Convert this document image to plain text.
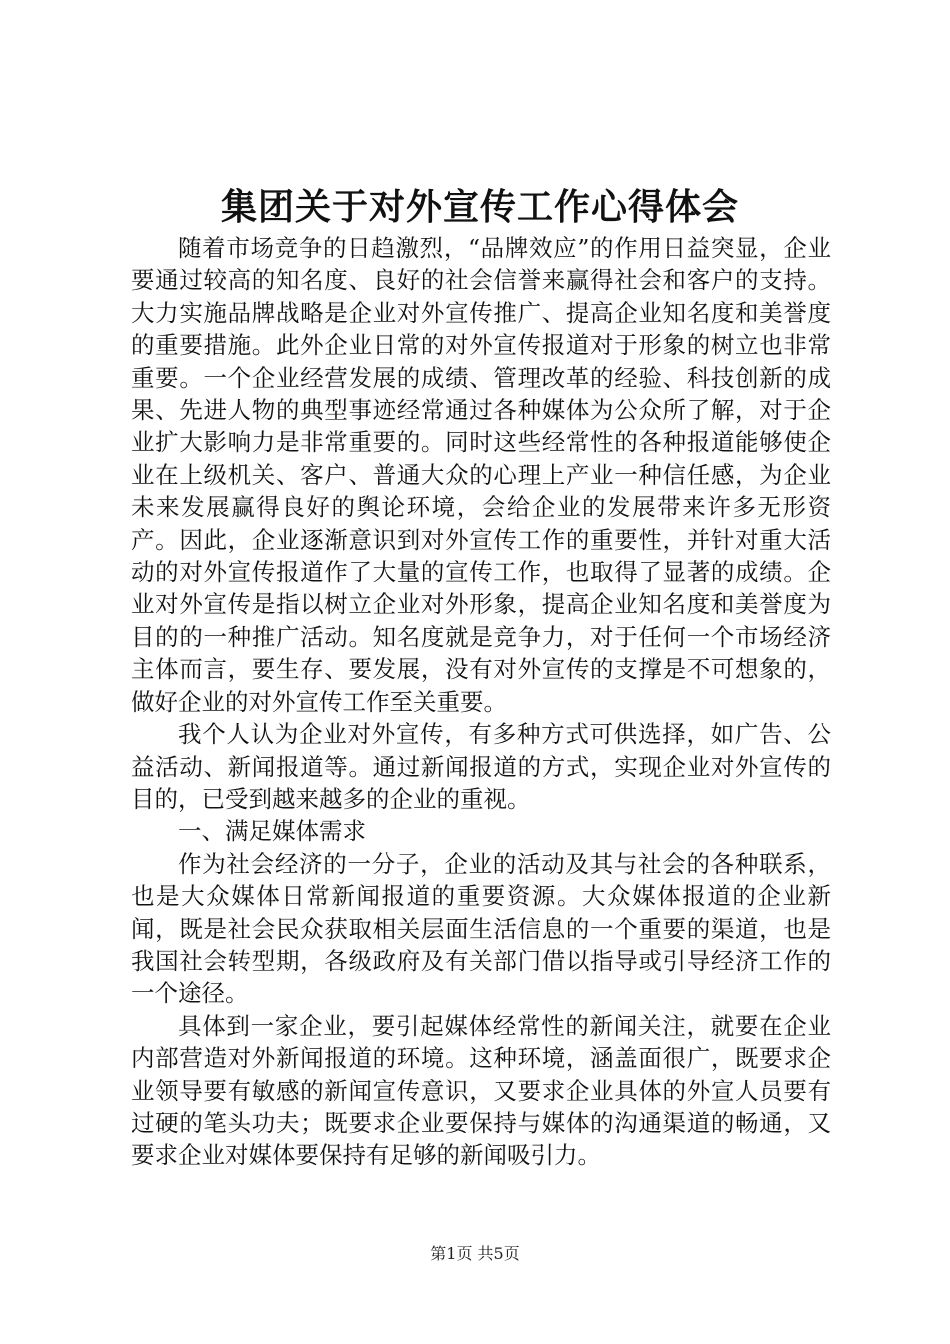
集团关于对外宣传工作心得体会

随着市场竞争的日趋激烈，“品牌效应”的作用日益突显，企业要通过较高的知名度、良好的社会信誉来赢得社会和客户的支持。大力实施品牌战略是企业对外宣传推广、提高企业知名度和美誉度的重要措施。此外企业日常的对外宣传报道对于形象的树立也非常重要。一个企业经营发展的成绩、管理改革的经验、科技创新的成果、先进人物的典型事迹经常通过各种媒体为公众所了解，对于企业扩大影响力是非常重要的。同时这些经常性的各种报道能够使企业在上级机关、客户、普通大众的心理上产业一种信任感，为企业未来发展赢得良好的舆论环境，会给企业的发展带来许多无形资产。因此，企业逐渐意识到对外宣传工作的重要性，并针对重大活动的对外宣传报道作了大量的宣传工作，也取得了显著的成绩。企业对外宣传是指以树立企业对外形象，提高企业知名度和美誉度为目的的一种推广活动。知名度就是竞争力，对于任何一个市场经济主体而言，要生存、要发展，没有对外宣传的支撑是不可想象的，做好企业的对外宣传工作至关重要。

我个人认为企业对外宣传，有多种方式可供选择，如广告、公益活动、新闻报道等。通过新闻报道的方式，实现企业对外宣传的目的，已受到越来越多的企业的重视。

一、满足媒体需求

作为社会经济的一分子，企业的活动及其与社会的各种联系，也是大众媒体日常新闻报道的重要资源。大众媒体报道的企业新闻，既是社会民众获取相关层面生活信息的一个重要的渠道，也是我国社会转型期，各级政府及有关部门借以指导或引导经济工作的一个途径。

具体到一家企业，要引起媒体经常性的新闻关注，就要在企业内部营造对外新闻报道的环境。这种环境，涵盖面很广，既要求企业领导要有敏感的新闻宣传意识，又要求企业具体的外宣人员要有过硬的笔头功夫；既要求企业要保持与媒体的沟通渠道的畅通，又要求企业对媒体要保持有足够的新闻吸引力。

第1页 共5页
